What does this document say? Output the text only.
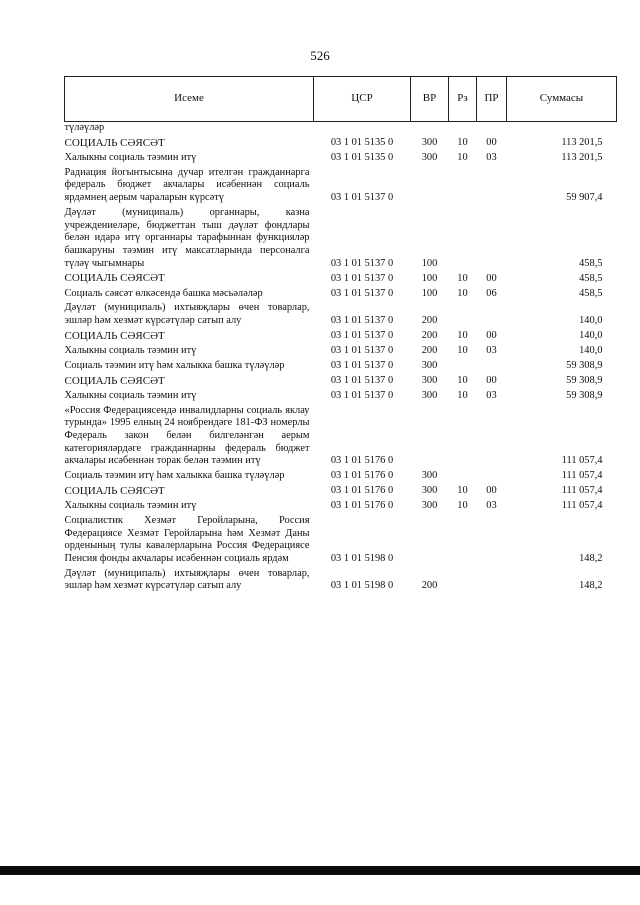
526
Исеме	ЦСР	ВР	Рз	ПР	Суммасы
түләүләр					
СОЦИАЛЬ СӘЯСӘТ	03 1 01 5135 0	300	10	00	113 201,5
Халыкны социаль тәэмин итү	03 1 01 5135 0	300	10	03	113 201,5
Радиация йогынтысына дучар ителгән гражданнарга федераль бюджет акчалары исәбеннән социаль ярдәмнең аерым чараларын күрсәтү	03 1 01 5137 0				59 907,4
Дәүләт (муниципаль) органнары, казна учреждениеләре, бюджеттан тыш дәүләт фондлары белән идарә итү органнары тарафыннан функцияләр башкаруны тәэмин итү максатларында персоналга түләү чыгымнары	03 1 01 5137 0	100			458,5
СОЦИАЛЬ СӘЯСӘТ	03 1 01 5137 0	100	10	00	458,5
Социаль сәясәт өлкәсендә башка мәсьәләләр	03 1 01 5137 0	100	10	06	458,5
Дәүләт (муниципаль) ихтыяҗлары өчен товарлар, эшләр һәм хезмәт күрсәтүләр сатып алу	03 1 01 5137 0	200			140,0
СОЦИАЛЬ СӘЯСӘТ	03 1 01 5137 0	200	10	00	140,0
Халыкны социаль тәэмин итү	03 1 01 5137 0	200	10	03	140,0
Социаль тәэмин итү һәм халыкка башка түләүләр	03 1 01 5137 0	300			59 308,9
СОЦИАЛЬ СӘЯСӘТ	03 1 01 5137 0	300	10	00	59 308,9
Халыкны социаль тәэмин итү	03 1 01 5137 0	300	10	03	59 308,9
«Россия Федерациясендә инвалидларны социаль яклау турында» 1995 елның 24 ноябрендәге 181-ФЗ номерлы Федераль закон белән билгеләнгән аерым категорияләрдәге гражданнарны федераль бюджет акчалары исәбеннән торак белән тәэмин итү	03 1 01 5176 0				111 057,4
Социаль тәэмин итү һәм халыкка башка түләүләр	03 1 01 5176 0	300			111 057,4
СОЦИАЛЬ СӘЯСӘТ	03 1 01 5176 0	300	10	00	111 057,4
Халыкны социаль тәэмин итү	03 1 01 5176 0	300	10	03	111 057,4
Социалистик Хезмәт Геройларына, Россия Федерациясе Хезмәт Геройларына һәм Хезмәт Даны орденының тулы кавалерларына Россия Федерациясе Пенсия фонды акчалары исәбеннән социаль ярдәм	03 1 01 5198 0				148,2
Дәүләт (муниципаль) ихтыяҗлары өчен товарлар, эшләр һәм хезмәт күрсәтүләр сатып алу	03 1 01 5198 0	200			148,2
